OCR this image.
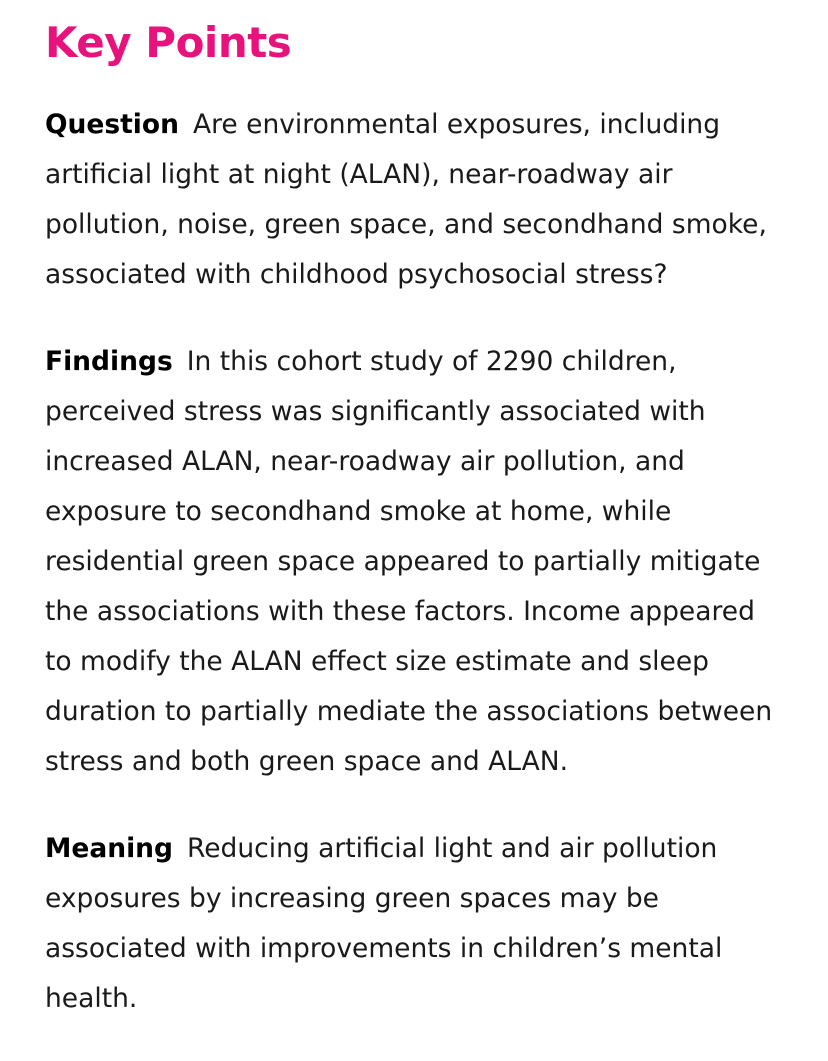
Key Points

Question Are environmental exposures, including artificial light at night (ALAN), near-roadway air pollution, noise, green space, and secondhand smoke, associated with childhood psychosocial stress?

Findings In this cohort study of 2290 children, perceived stress was significantly associated with increased ALAN, near-roadway air pollution, and exposure to secondhand smoke at home, while residential green space appeared to partially mitigate the associations with these factors. Income appeared to modify the ALAN effect size estimate and sleep duration to partially mediate the associations between stress and both green space and ALAN.

Meaning Reducing artificial light and air pollution exposures by increasing green spaces may be associated with improvements in children’s mental health.
